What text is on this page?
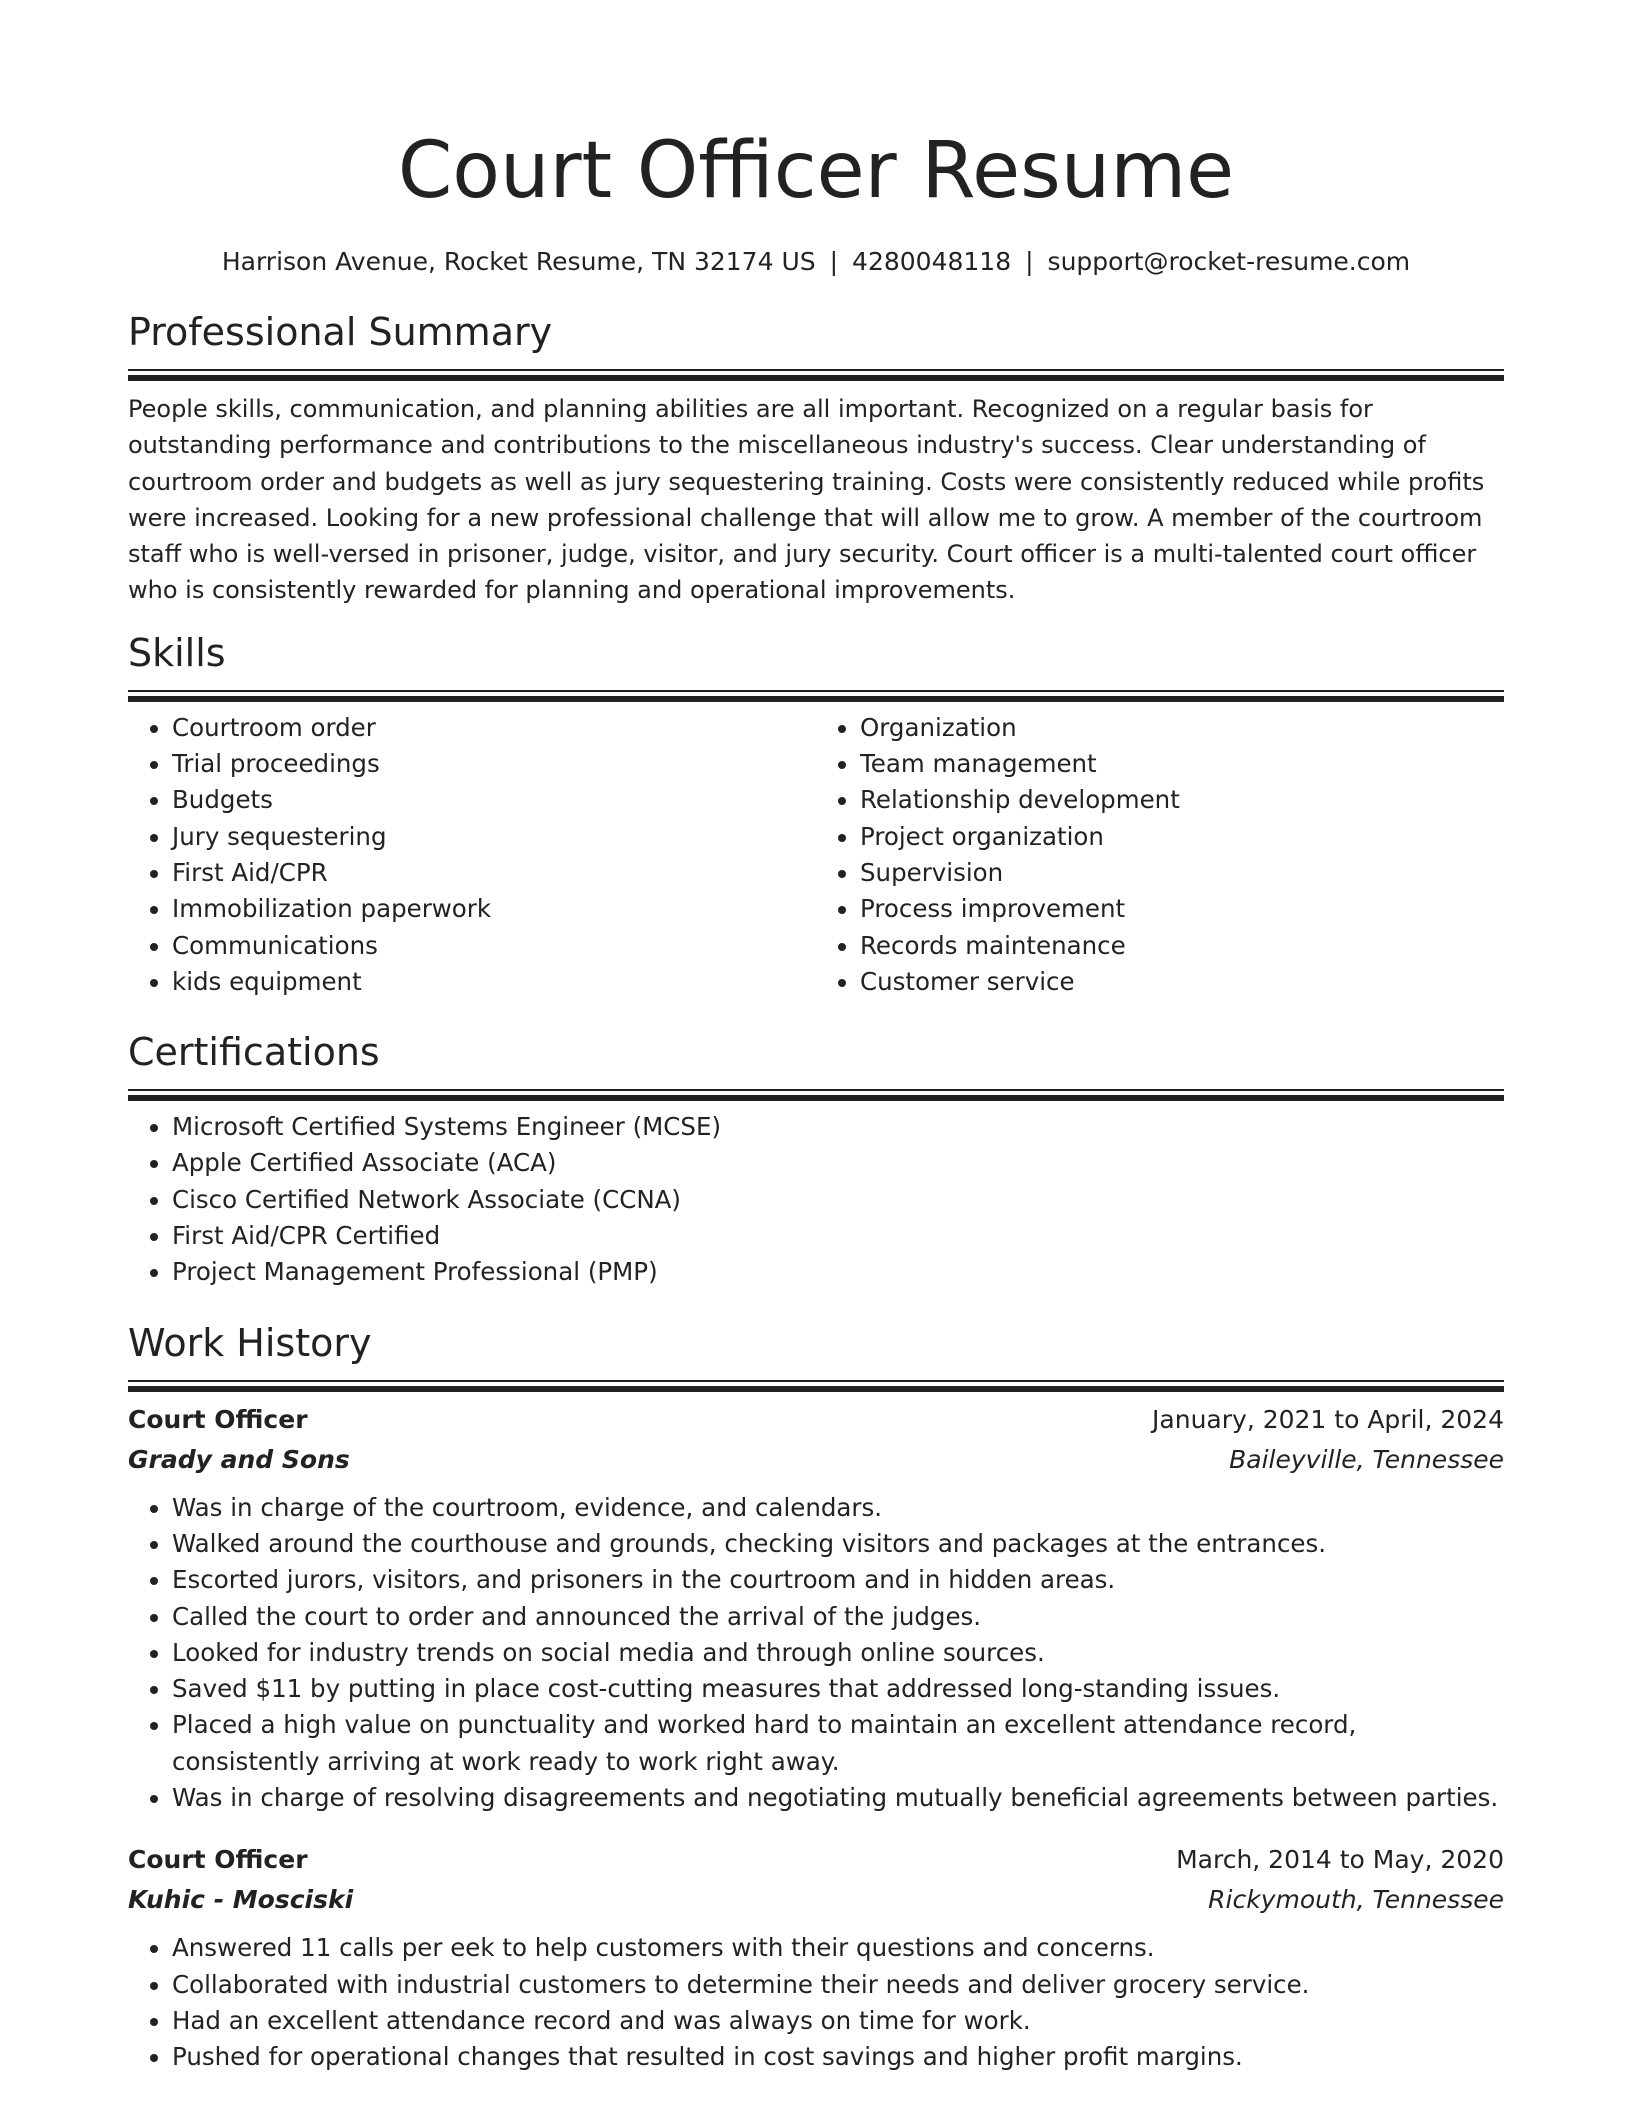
Court Officer Resume
Harrison Avenue, Rocket Resume, TN 32174 US | 4280048118 | support@rocket-resume.com
Professional Summary

People skills, communication, and planning abilities are all important. Recognized on a regular basis for outstanding performance and contributions to the miscellaneous industry's success. Clear understanding of courtroom order and budgets as well as jury sequestering training. Costs were consistently reduced while profits were increased. Looking for a new professional challenge that will allow me to grow. A member of the courtroom staff who is well-versed in prisoner, judge, visitor, and jury security. Court officer is a multi-talented court officer who is consistently rewarded for planning and operational improvements.

Skills
• Courtroom order
• Trial proceedings
• Budgets
• Jury sequestering
• First Aid/CPR
• Immobilization paperwork
• Communications
• kids equipment
• Organization
• Team management
• Relationship development
• Project organization
• Supervision
• Process improvement
• Records maintenance
• Customer service
Certifications
• Microsoft Certified Systems Engineer (MCSE)
• Apple Certified Associate (ACA)
• Cisco Certified Network Associate (CCNA)
• First Aid/CPR Certified
• Project Management Professional (PMP)
Work History
Court Officer	January, 2021 to April, 2024
Grady and Sons	Baileyville, Tennessee
• Was in charge of the courtroom, evidence, and calendars.
• Walked around the courthouse and grounds, checking visitors and packages at the entrances.
• Escorted jurors, visitors, and prisoners in the courtroom and in hidden areas.
• Called the court to order and announced the arrival of the judges.
• Looked for industry trends on social media and through online sources.
• Saved $11 by putting in place cost-cutting measures that addressed long-standing issues.
• Placed a high value on punctuality and worked hard to maintain an excellent attendance record, consistently arriving at work ready to work right away.
• Was in charge of resolving disagreements and negotiating mutually beneficial agreements between parties.
Court Officer	March, 2014 to May, 2020
Kuhic - Mosciski	Rickymouth, Tennessee
• Answered 11 calls per eek to help customers with their questions and concerns.
• Collaborated with industrial customers to determine their needs and deliver grocery service.
• Had an excellent attendance record and was always on time for work.
• Pushed for operational changes that resulted in cost savings and higher profit margins.
